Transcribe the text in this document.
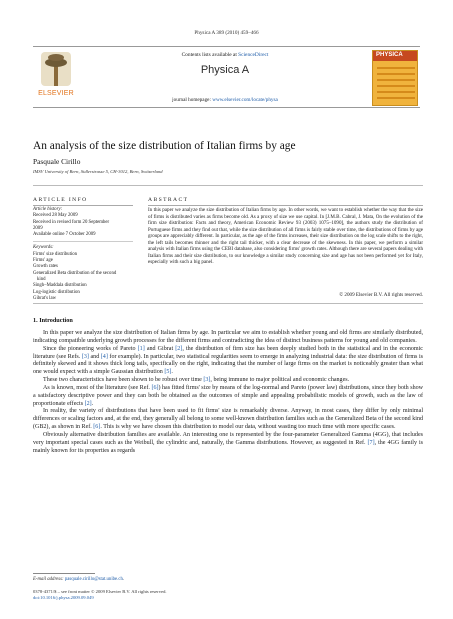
Physica A 389 (2010) 459–466
ELSEVIER
Contents lists available at ScienceDirect
Physica A
journal homepage: www.elsevier.com/locate/physa
PHYSICA
An analysis of the size distribution of Italian firms by age
Pasquale Cirillo
IMSV University of Bern, Sidlerstrasse 5, CH-3012, Bern, Switzerland
ARTICLE INFO	ABSTRACT
Article history:
Received 28 May 2009
Received in revised form 20 September
2009
Available online 7 October 2009
Keywords:
Firms' size distribution
Firms' age
Growth rates
Generalized Beta distribution of the second
kind
Singh–Maddala distribution
Log-logistic distribution
Gibrat's law
In this paper we analyze the size distribution of Italian firms by age. In other words, we want to establish whether the way that the size of firms is distributed varies as firms become old. As a proxy of size we use capital. In [J.M.B. Cabral, J. Mata, On the evolution of the firm size distribution: Facts and theory, American Economic Review 93 (2003) 1075–1090], the authors study the distribution of Portuguese firms and they find out that, while the size distribution of all firms is fairly stable over time, the distributions of firms by age groups are appreciably different. In particular, as the age of the firms increases, their size distribution on the log scale shifts to the right, the left tails becomes thinner and the right tail thicker, with a clear decrease of the skewness. In this paper, we perform a similar analysis with Italian firms using the CEBI database, also considering firms' growth rates. Although there are several papers dealing with Italian firms and their size distribution, to our knowledge a similar study concerning size and age has not been performed yet for Italy, especially with such a big panel.
© 2009 Elsevier B.V. All rights reserved.
1. Introduction

In this paper we analyze the size distribution of Italian firms by age. In particular we aim to establish whether young and old firms are similarly distributed, indicating compatible underlying growth processes for the different firms and contradicting the idea of distinct business patterns for young and old companies.

Since the pioneering works of Pareto [1] and Gibrat [2], the distribution of firm size has been deeply studied both in the statistical and in the economic literature (see Refs. [3] and [4] for example). In particular, two statistical regularities seem to emerge in analyzing industrial data: the size distribution of firms is definitely skewed and it shows thick long tails, specifically on the right, indicating that the number of large firms on the market is noticeably greater than what one would expect with a simple Gaussian distribution [5].

These two characteristics have been shown to be robust over time [3], being immune to major political and economic changes.

As is known, most of the literature (see Ref. [6]) has fitted firms' size by means of the log-normal and Pareto (power law) distributions, since they both show a satisfactory descriptive power and they can both be obtained as the outcomes of simple and appealing probabilistic models of growth, such as the law of proportionate effects [2].

In reality, the variety of distributions that have been used to fit firms' size is remarkably diverse. Anyway, in most cases, they differ by only minimal differences or scaling factors and, at the end, they generally all belong to some well-known distribution families such as the Generalized Beta of the second kind (GB2), as shown in Ref. [6]. This is why we have chosen this distribution to model our data, without wasting too much time with more specific cases.

Obviously alternative distribution families are available. An interesting one is represented by the four-parameter Generalized Gamma (4GG), that includes very important special cases such as the Weibull, the cylindric and, naturally, the Gamma distributions. However, as suggested in Ref. [7], the 4GG family is mainly known for its properties as regards

E-mail address: pasquale.cirillo@stat.unibe.ch.
0378-4371/$ – see front matter © 2009 Elsevier B.V. All rights reserved.
doi:10.1016/j.physa.2009.09.049
